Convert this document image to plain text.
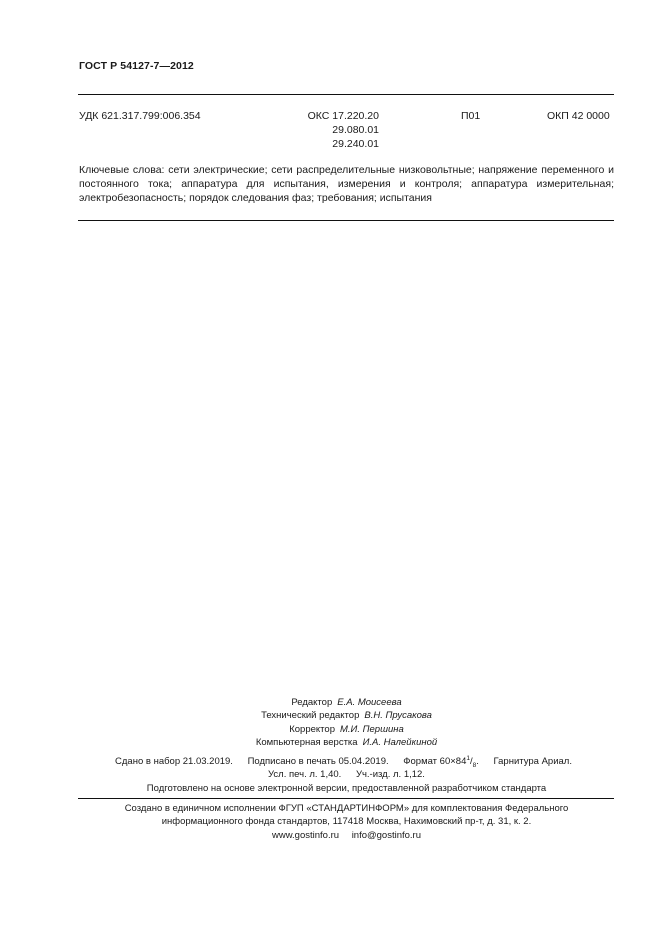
ГОСТ Р 54127-7—2012
УДК 621.317.799:006.354	ОКС 17.220.20
29.080.01
29.240.01
П01	ОКП 42 0000
Ключевые слова: сети электрические; сети распределительные низковольтные; напряжение переменного и постоянного тока; аппаратура для испытания, измерения и контроля; аппаратура измерительная; электробезопасность; порядок следования фаз; требования; испытания
Редактор Е.А. Моисеева
Технический редактор В.Н. Прусакова
Корректор М.И. Першина
Компьютерная верстка И.А. Налейкиной
Сдано в набор 21.03.2019. Подписано в печать 05.04.2019. Формат $60\times 84^1/_8$. Гарнитура Ариал.
Усл. печ. л. 1,40. Уч.-изд. л. 1,12.
Подготовлено на основе электронной версии, предоставленной разработчиком стандарта
Создано в единичном исполнении ФГУП «СТАНДАРТИНФОРМ» для комплектования Федерального
информационного фонда стандартов, 117418 Москва, Нахимовский пр-т, д. 31, к. 2.
www.gostinfo.ru info@gostinfo.ru
